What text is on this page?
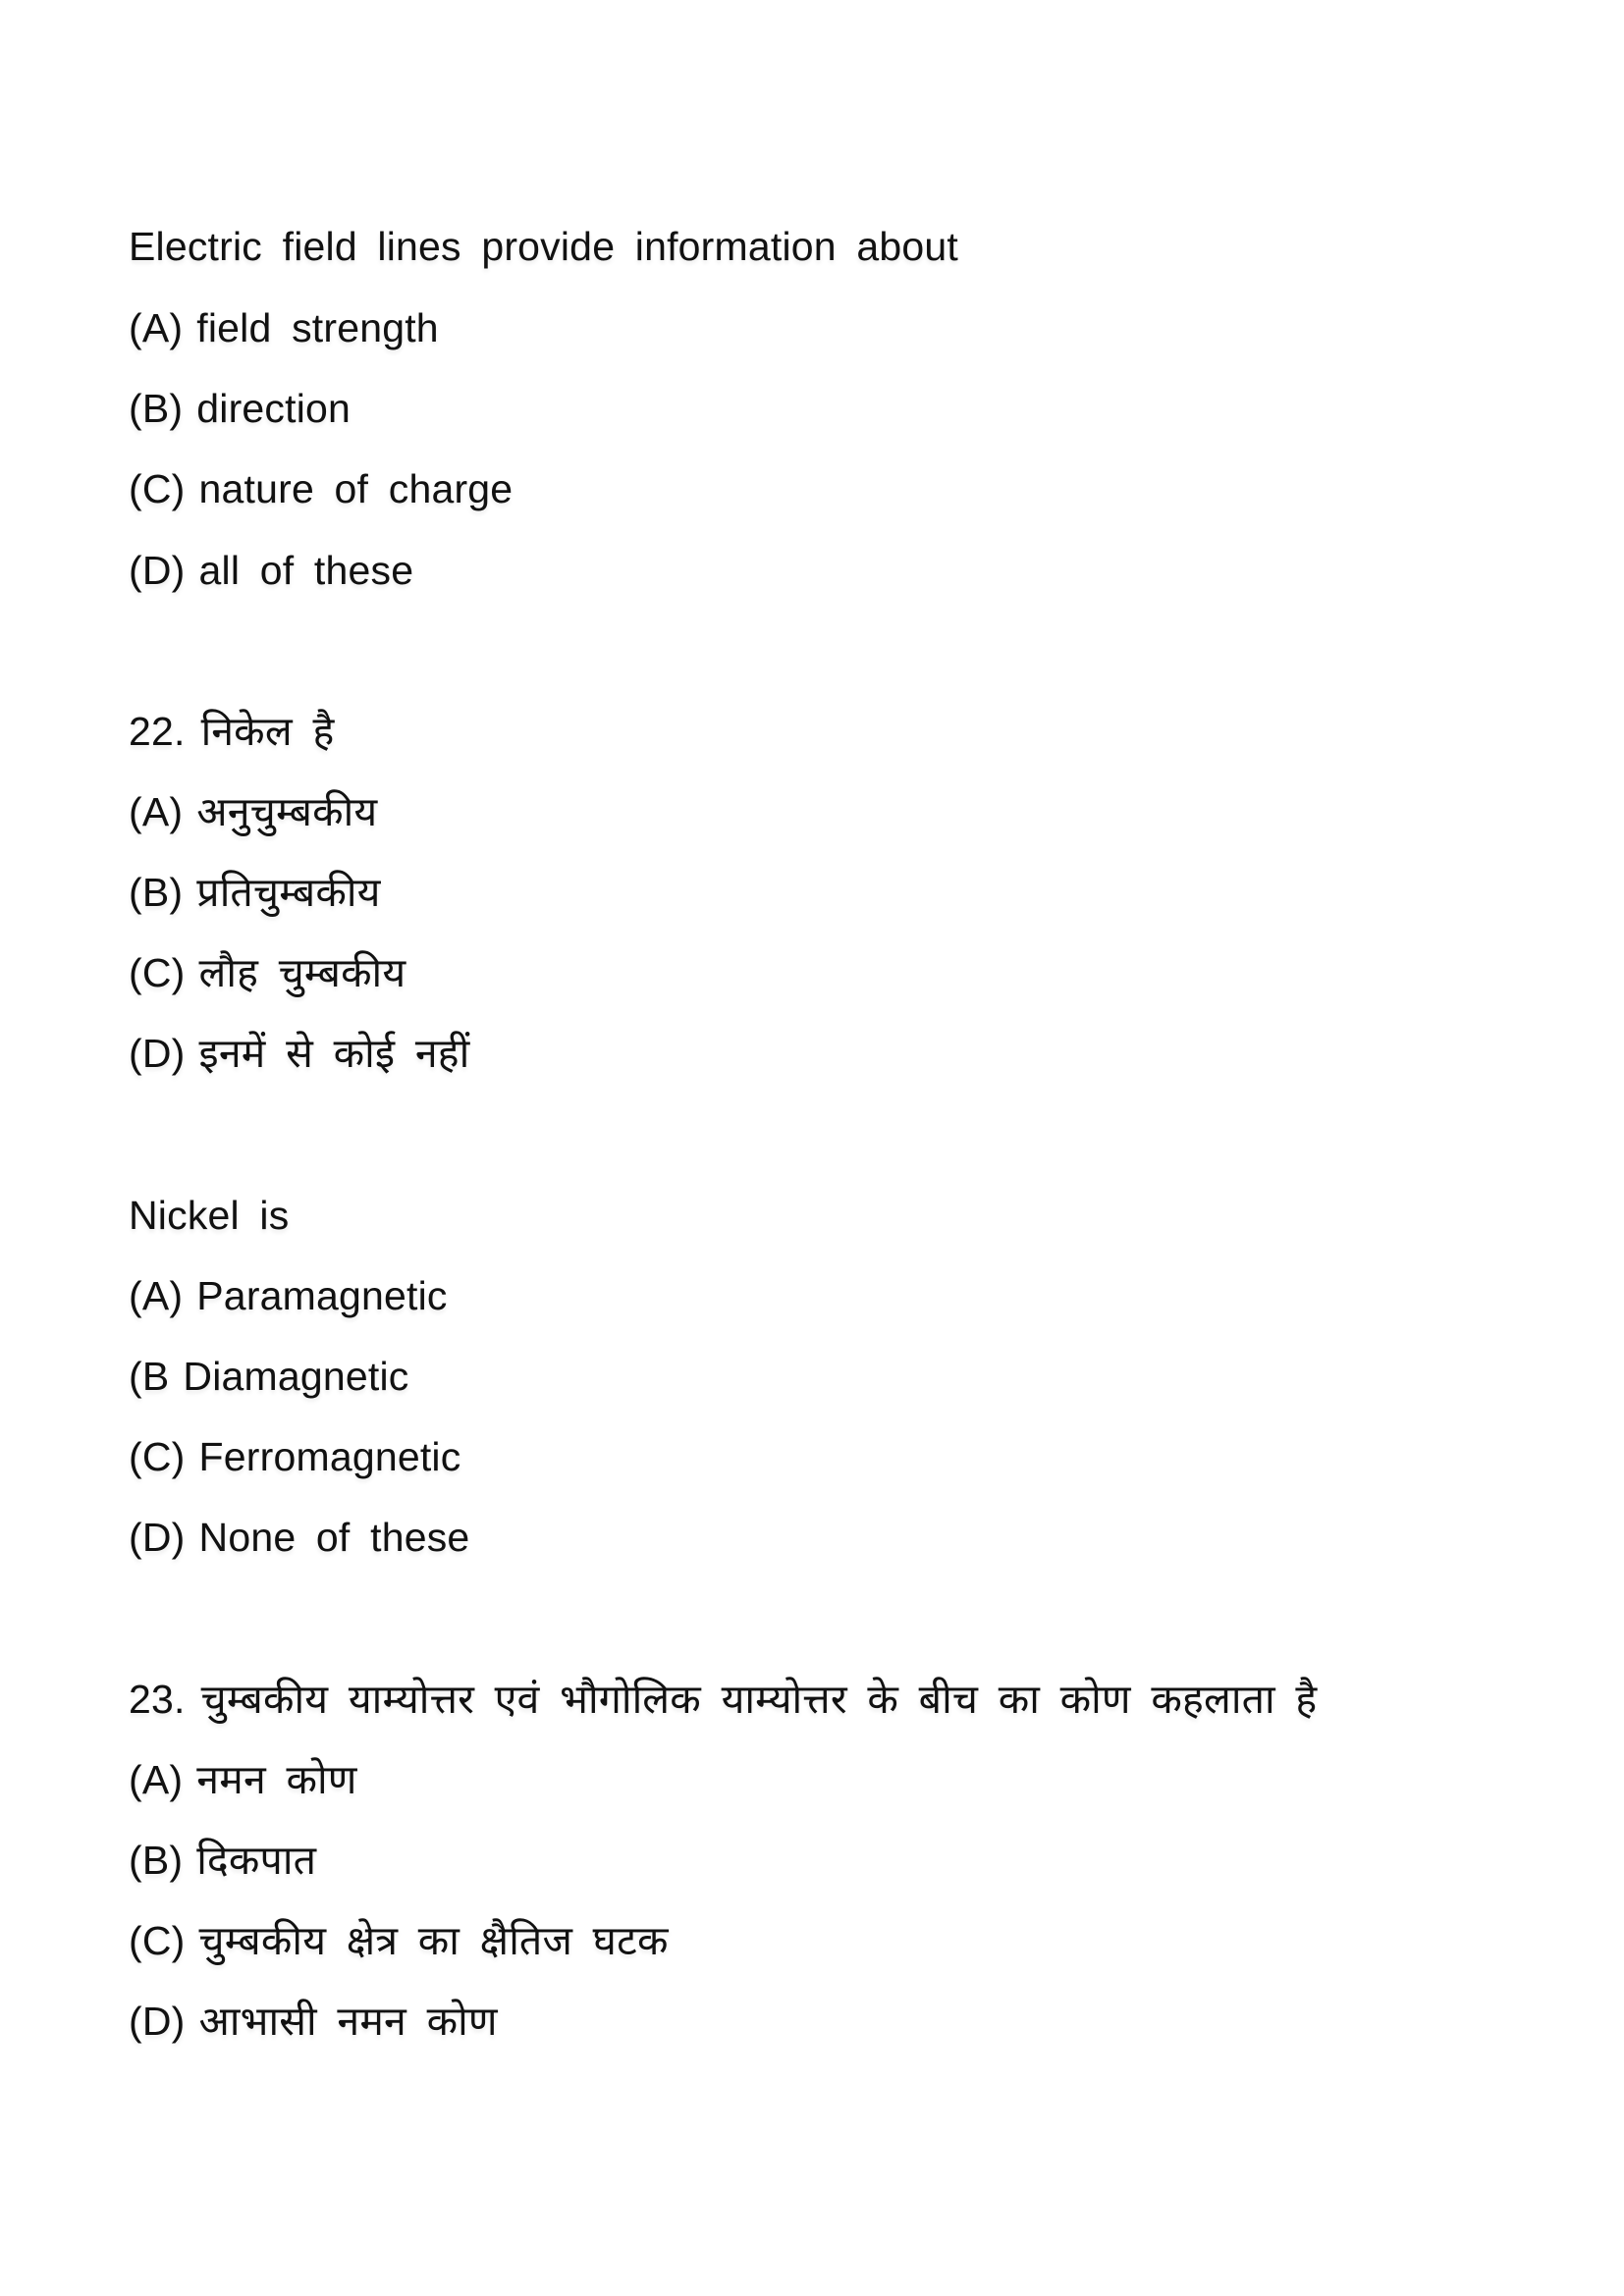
Electric field lines provide information about
(A) field strength
(B) direction
(C) nature of charge
(D) all of these
22. निकेल है
(A) अनुचुम्बकीय
(B) प्रतिचुम्बकीय
(C) लौह चुम्बकीय
(D) इनमें से कोई नहीं
Nickel is
(A) Paramagnetic
(B Diamagnetic
(C) Ferromagnetic
(D) None of these
23. चुम्बकीय याम्योत्तर एवं भौगोलिक याम्योत्तर के बीच का कोण कहलाता है
(A) नमन कोण
(B) दिकपात
(C) चुम्बकीय क्षेत्र का क्षैतिज घटक
(D) आभासी नमन कोण
